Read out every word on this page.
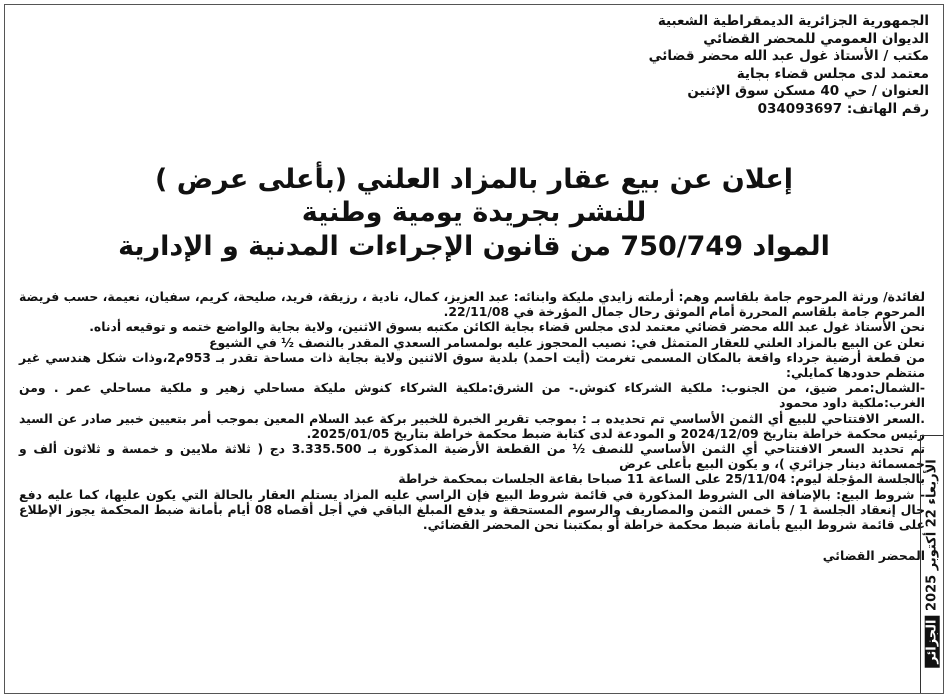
الجمهورية الجزائرية الديمقراطية الشعبية
الديوان العمومي للمحضر القضائي
مكتب / الأستاذ غول عبد الله محضر قضائي
معتمد لدى مجلس قضاء بجاية
العنوان / حي 40 مسكن سوق الإثنين
رقم الهاتف: 034093697
إعلان عن بيع عقار بالمزاد العلني (بأعلى عرض )
للنشر بجريدة يومية وطنية
المواد 750/749 من قانون الإجراءات المدنية و الإدارية

لفائدة/ ورثة المرحوم جامة بلقاسم وهم: أرملته زايدي مليكة وابنائه: عبد العزيز، كمال، نادية ، رزيقة، فريد، صليحة، كريم، سفيان، نعيمة، حسب فريضة المرحوم جامة بلقاسم المحررة أمام الموثق رحال جمال المؤرخة في 22/11/08.

نحن الأستاذ غول عبد الله محضر قضائي معتمد لدى مجلس قضاء بجاية الكائن مكتبه بسوق الاثنين، ولاية بجاية والواضع ختمه و توقيعه أدناه.

نعلن عن البيع بالمزاد العلني للعقار المتمثل في: نصيب المحجوز عليه بولمسامر السعدي المقدر بالنصف ½ في الشيوع

من قطعة أرضية جرداء واقعة بالمكان المسمى تغرمت (أيت احمد) بلدية سوق الاثنين ولاية بجاية ذات مساحة تقدر بـ 953م2،وذات شكل هندسي غير منتظم حدودها كمايلي:

-الشمال:ممر ضيق، من الجنوب: ملكية الشركاء كنوش.- من الشرق:ملكية الشركاء كنوش مليكة مساحلي زهير و ملكية مساحلي عمر . ومن الغرب:ملكية داود محمود

.السعر الافتتاحي للبيع أي الثمن الأساسي تم تحديده بـ : بموجب تقرير الخبرة للخبير بركة عبد السلام المعين بموجب أمر بتعيين خبير صادر عن السيد رئيس محكمة خراطة بتاريخ 2024/12/09 و المودعة لدى كتابة ضبط محكمة خراطة بتاريخ 2025/01/05.

تم تحديد السعر الافتتاحي أي الثمن الأساسي للنصف ½ من القطعة الأرضية المذكورة بـ 3.335.500 دج ( ثلاثة ملايين و خمسة و ثلاثون ألف و خمسمائة دينار جزائري )، و يكون البيع بأعلى عرض

بالجلسة المؤجلة ليوم: 25/11/04 على الساعة 11 صباحا بقاعة الجلسات بمحكمة خراطة

- شروط البيع: بالإضافة الى الشروط المذكورة في قائمة شروط البيع فإن الراسي عليه المزاد يستلم العقار بالحالة التي يكون عليها، كما عليه دفع حال إنعقاد الجلسة 1 / 5 خمس الثمن والمصاريف والرسوم المستحقة و يدفع المبلغ الباقي في أجل أقصاه 08 أيام بأمانة ضبط المحكمة يجوز الإطلاع على قائمة شروط البيع بأمانة ضبط محكمة خراطة أو بمكتبنا نحن المحضر القضائي.

المحضر القضائي

الأربعاء 22 أكتوبر 2025 الجزائر
